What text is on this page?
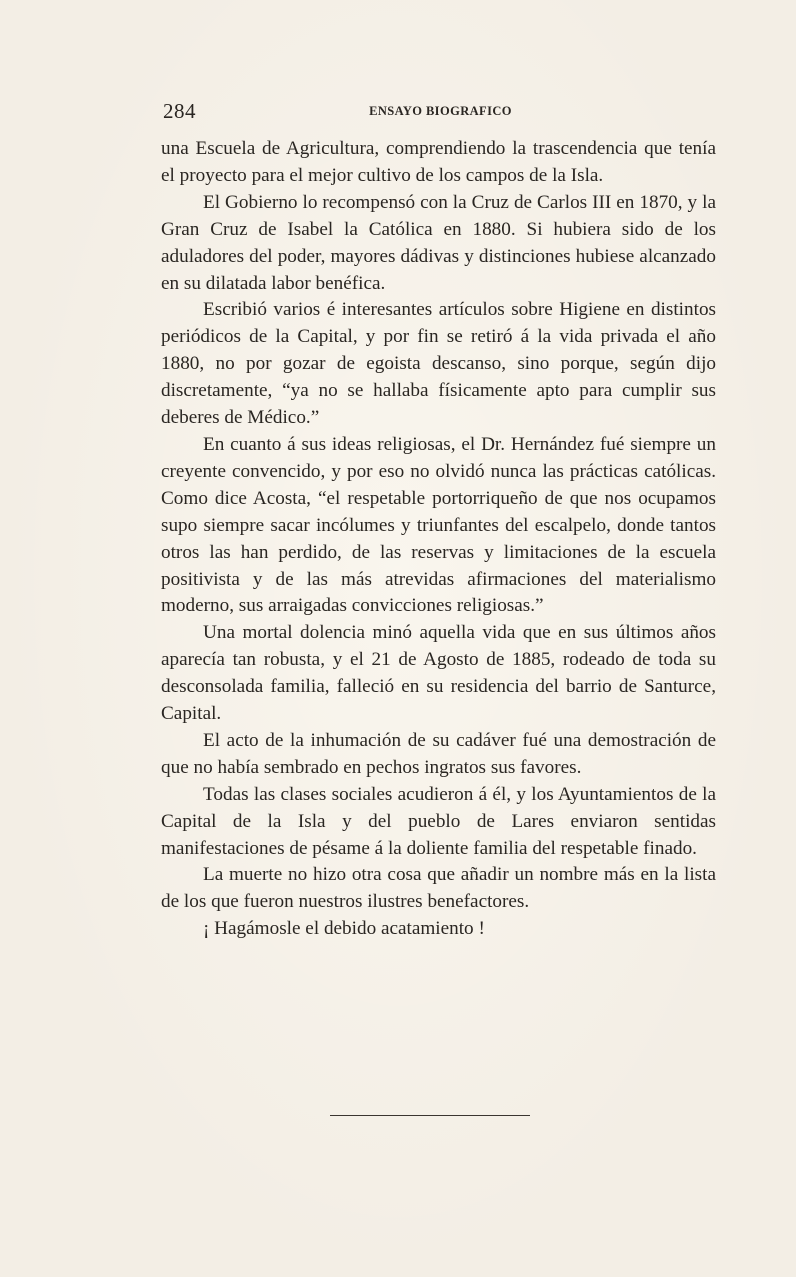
284	ENSAYO BIOGRAFICO

una Escuela de Agricultura, comprendiendo la trascendencia que tenía el proyecto para el mejor cultivo de los campos de la Isla.

El Gobierno lo recompensó con la Cruz de Carlos III en 1870, y la Gran Cruz de Isabel la Católica en 1880. Si hubiera sido de los aduladores del poder, mayores dádivas y distinciones hubiese alcanzado en su dilatada labor benéfica.

Escribió varios é interesantes artículos sobre Higiene en distintos periódicos de la Capital, y por fin se retiró á la vida privada el año 1880, no por gozar de egoista descanso, sino porque, según dijo discretamente, “ya no se hallaba físicamente apto para cumplir sus deberes de Médico.”

En cuanto á sus ideas religiosas, el Dr. Hernández fué siempre un creyente convencido, y por eso no olvidó nunca las prácticas católicas. Como dice Acosta, “el respetable portorriqueño de que nos ocupamos supo siempre sacar incólumes y triunfantes del escalpelo, donde tantos otros las han perdido, de las reservas y limitaciones de la escuela positivista y de las más atrevidas afirmaciones del materialismo moderno, sus arraigadas convicciones religiosas.”

Una mortal dolencia minó aquella vida que en sus últimos años aparecía tan robusta, y el 21 de Agosto de 1885, rodeado de toda su desconsolada familia, falleció en su residencia del barrio de Santurce, Capital.

El acto de la inhumación de su cadáver fué una demostración de que no había sembrado en pechos ingratos sus favores.

Todas las clases sociales acudieron á él, y los Ayuntamientos de la Capital de la Isla y del pueblo de Lares enviaron sentidas manifestaciones de pésame á la doliente familia del respetable finado.

La muerte no hizo otra cosa que añadir un nombre más en la lista de los que fueron nuestros ilustres benefactores.

¡ Hagámosle el debido acatamiento !
